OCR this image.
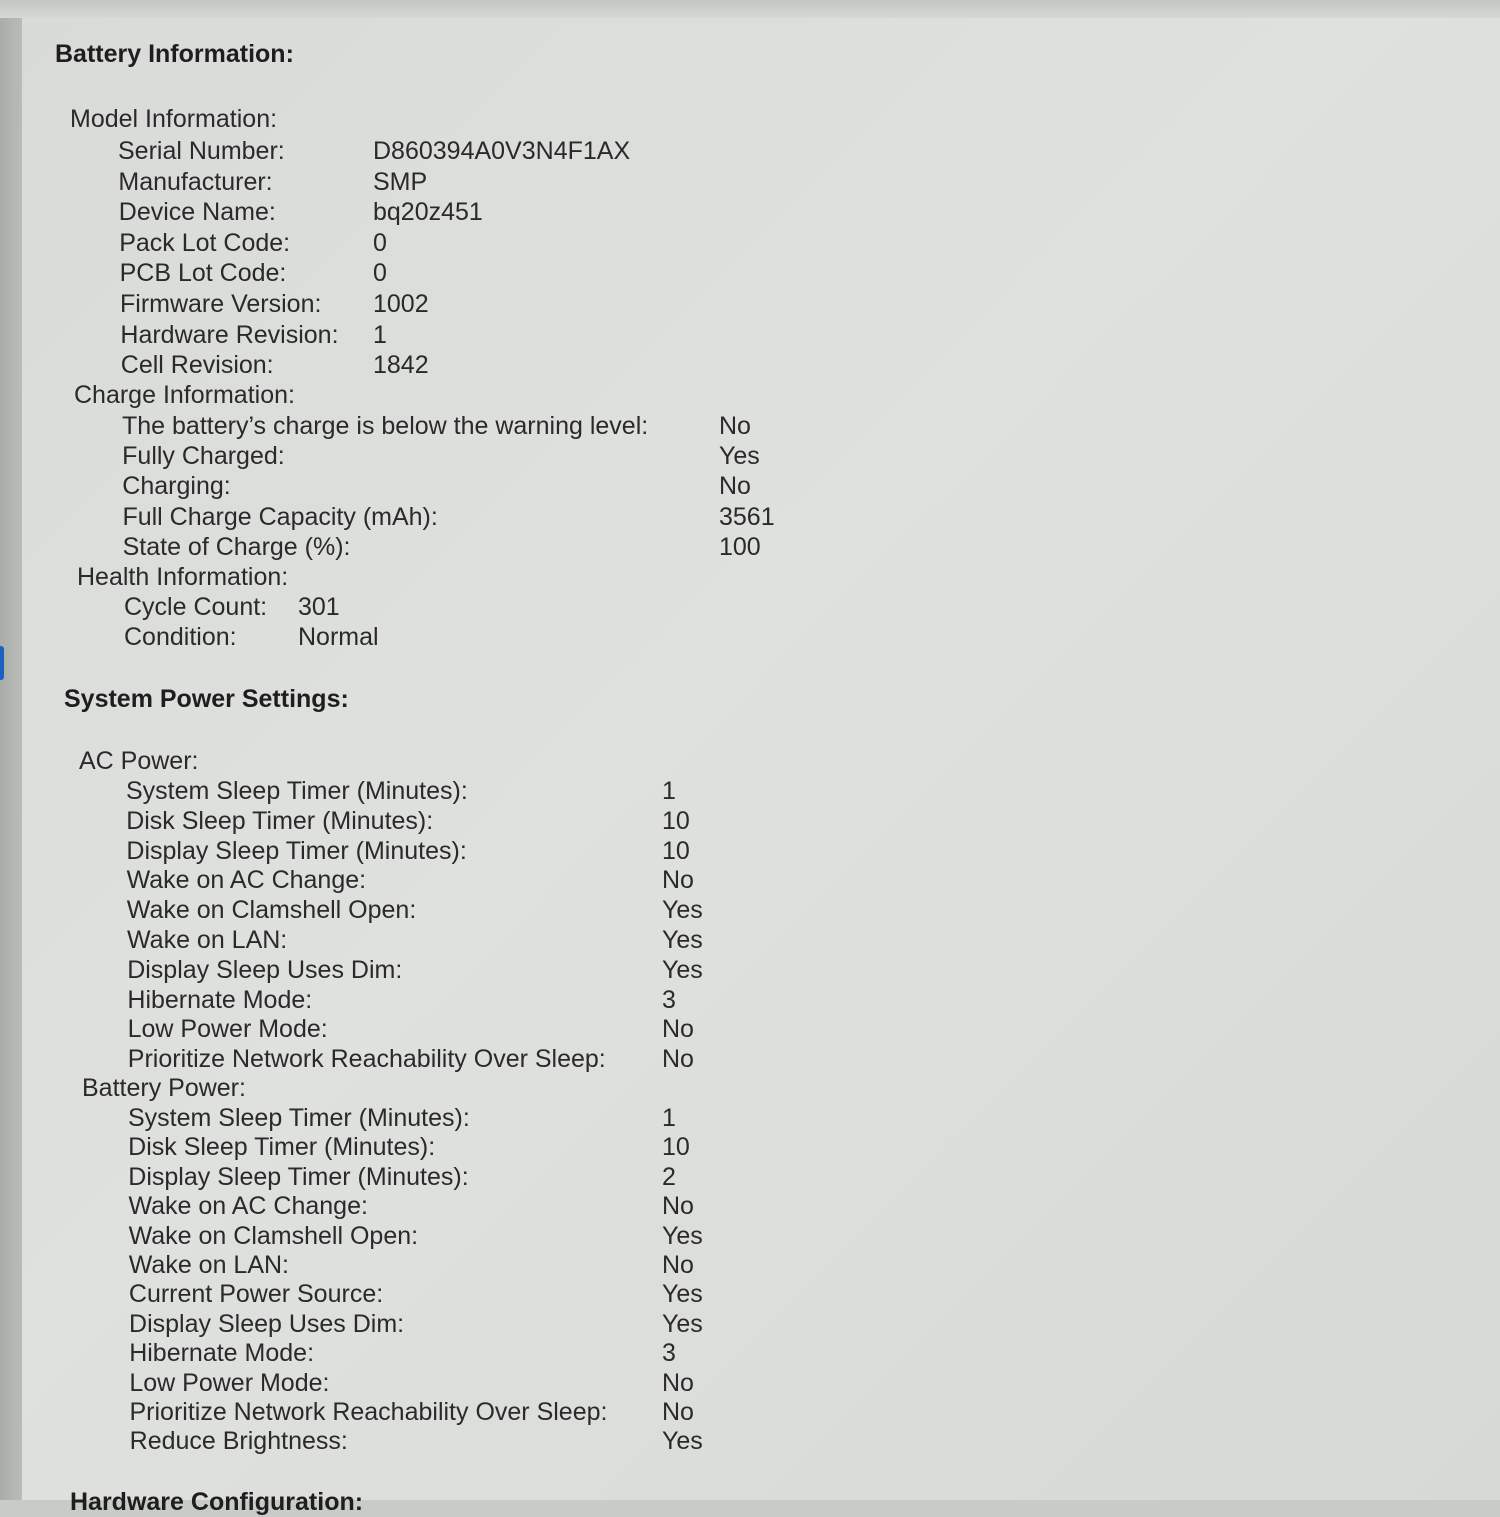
Battery Information:
Model Information:
Serial Number:	D860394A0V3N4F1AX
Manufacturer:	SMP
Device Name:	bq20z451
Pack Lot Code:	0
PCB Lot Code:	0
Firmware Version: 1002
Hardware Revision: 1
Cell Revision:	1842
Charge Information:
The battery’s charge is below the warning level:	No
Fully Charged:	Yes
Charging:	No
Full Charge Capacity (mAh):	3561
State of Charge (%):	100
Health Information:
Cycle Count: 301
Condition: Normal
System Power Settings:
AC Power:
System Sleep Timer (Minutes):	1
Disk Sleep Timer (Minutes):	10
Display Sleep Timer (Minutes):	10
Wake on AC Change:	No
Wake on Clamshell Open:	Yes
Wake on LAN:	Yes
Display Sleep Uses Dim:	Yes
Hibernate Mode:	3
Low Power Mode:	No
Prioritize Network Reachability Over Sleep: No
Battery Power:
System Sleep Timer (Minutes):	1
Disk Sleep Timer (Minutes):	10
Display Sleep Timer (Minutes):	2
Wake on AC Change:	No
Wake on Clamshell Open:	Yes
Wake on LAN:	No
Current Power Source:	Yes
Display Sleep Uses Dim:	Yes
Hibernate Mode:	3
Low Power Mode:	No
Prioritize Network Reachability Over Sleep: No
Reduce Brightness:	Yes
Hardware Configuration:
